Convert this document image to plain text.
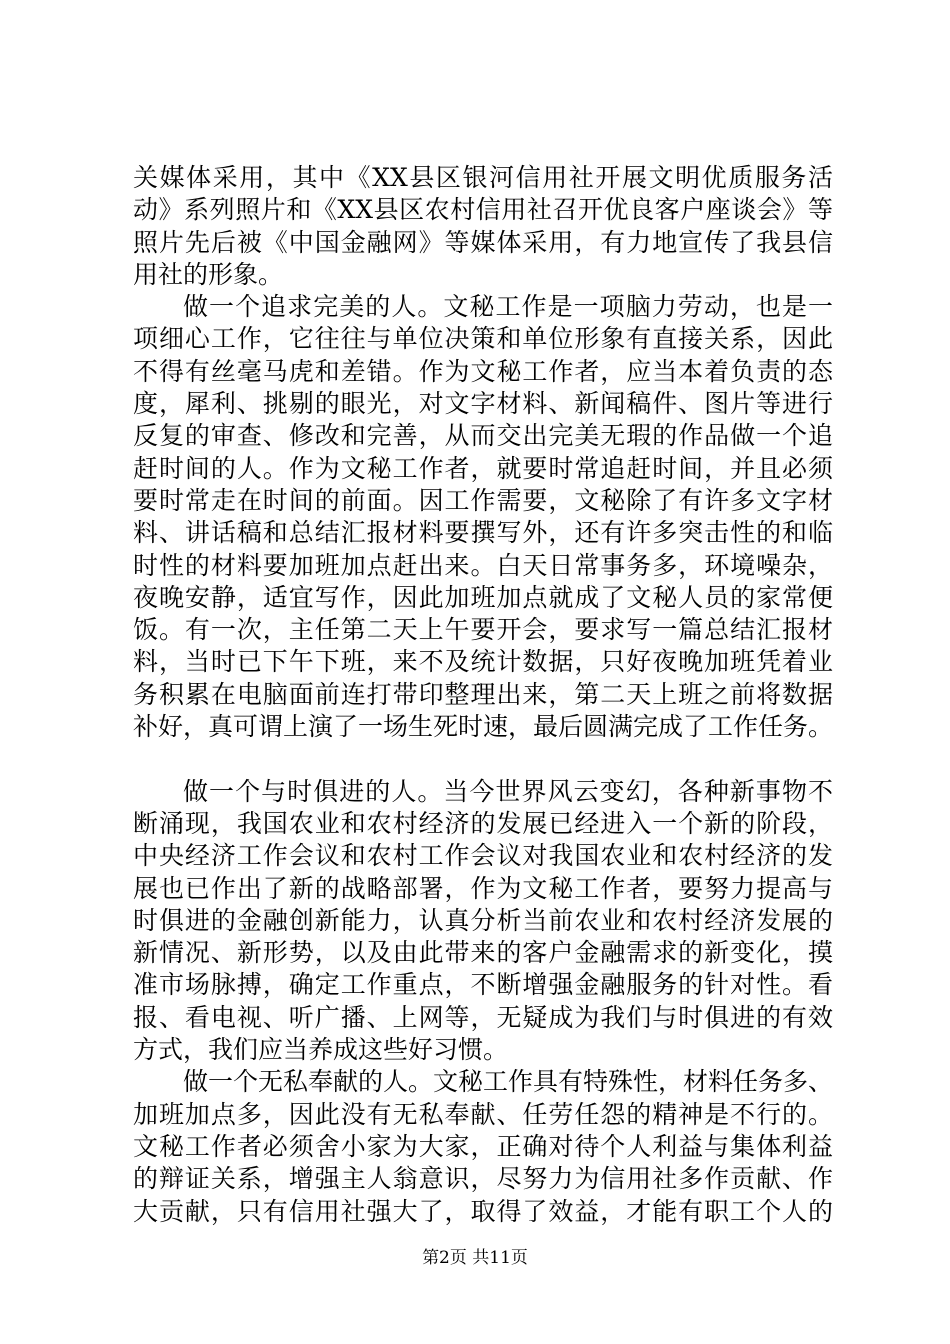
关媒体采用，其中《XX县区银河信用社开展文明优质服务活
动》系列照片和《XX县区农村信用社召开优良客户座谈会》等
照片先后被《中国金融网》等媒体采用，有力地宣传了我县信
用社的形象。
做一个追求完美的人。文秘工作是一项脑力劳动，也是一
项细心工作，它往往与单位决策和单位形象有直接关系，因此
不得有丝毫马虎和差错。作为文秘工作者，应当本着负责的态
度，犀利、挑剔的眼光，对文字材料、新闻稿件、图片等进行
反复的审查、修改和完善，从而交出完美无瑕的作品做一个追
赶时间的人。作为文秘工作者，就要时常追赶时间，并且必须
要时常走在时间的前面。因工作需要，文秘除了有许多文字材
料、讲话稿和总结汇报材料要撰写外，还有许多突击性的和临
时性的材料要加班加点赶出来。白天日常事务多，环境噪杂，
夜晚安静，适宜写作，因此加班加点就成了文秘人员的家常便
饭。有一次，主任第二天上午要开会，要求写一篇总结汇报材
料，当时已下午下班，来不及统计数据，只好夜晚加班凭着业
务积累在电脑面前连打带印整理出来，第二天上班之前将数据
补好，真可谓上演了一场生死时速，最后圆满完成了工作任务。
做一个与时俱进的人。当今世界风云变幻，各种新事物不
断涌现，我国农业和农村经济的发展已经进入一个新的阶段，
中央经济工作会议和农村工作会议对我国农业和农村经济的发
展也已作出了新的战略部署，作为文秘工作者，要努力提高与
时俱进的金融创新能力，认真分析当前农业和农村经济发展的
新情况、新形势，以及由此带来的客户金融需求的新变化，摸
准市场脉搏，确定工作重点，不断增强金融服务的针对性。看
报、看电视、听广播、上网等，无疑成为我们与时俱进的有效
方式，我们应当养成这些好习惯。
做一个无私奉献的人。文秘工作具有特殊性，材料任务多、
加班加点多，因此没有无私奉献、任劳任怨的精神是不行的。
文秘工作者必须舍小家为大家，正确对待个人利益与集体利益
的辩证关系，增强主人翁意识，尽努力为信用社多作贡献、作
大贡献，只有信用社强大了，取得了效益，才能有职工个人的
第2页 共11页
